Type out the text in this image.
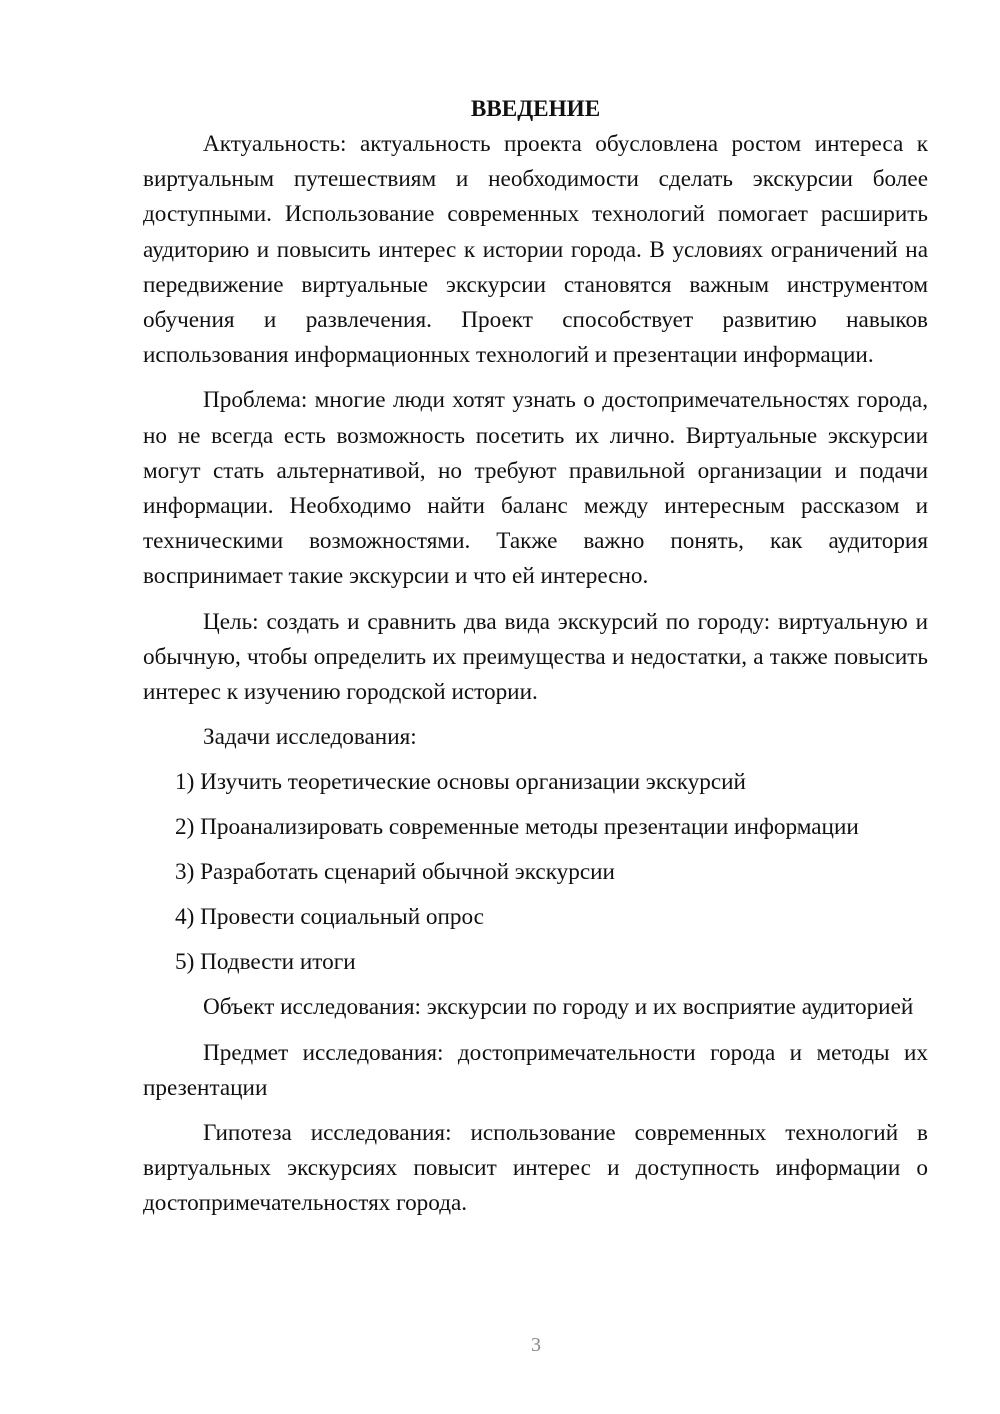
ВВЕДЕНИЕ

Актуальность: актуальность проекта обусловлена ростом интереса к виртуальным путешествиям и необходимости сделать экскурсии более доступными. Использование современных технологий помогает расширить аудиторию и повысить интерес к истории города. В условиях ограничений на передвижение виртуальные экскурсии становятся важным инструментом обучения и развлечения. Проект способствует развитию навыков использования информационных технологий и презентации информации.

Проблема: многие люди хотят узнать о достопримечательностях города, но не всегда есть возможность посетить их лично. Виртуальные экскурсии могут стать альтернативой, но требуют правильной организации и подачи информации. Необходимо найти баланс между интересным рассказом и техническими возможностями. Также важно понять, как аудитория воспринимает такие экскурсии и что ей интересно.

Цель: создать и сравнить два вида экскурсий по городу: виртуальную и обычную, чтобы определить их преимущества и недостатки, а также повысить интерес к изучению городской истории.

Задачи исследования:

1) Изучить теоретические основы организации экскурсий

2) Проанализировать современные методы презентации информации

3) Разработать сценарий обычной экскурсии

4) Провести социальный опрос

5) Подвести итоги

Объект исследования: экскурсии по городу и их восприятие аудиторией

Предмет исследования: достопримечательности города и методы их презентации

Гипотеза исследования: использование современных технологий в виртуальных экскурсиях повысит интерес и доступность информации о достопримечательностях города.

3
